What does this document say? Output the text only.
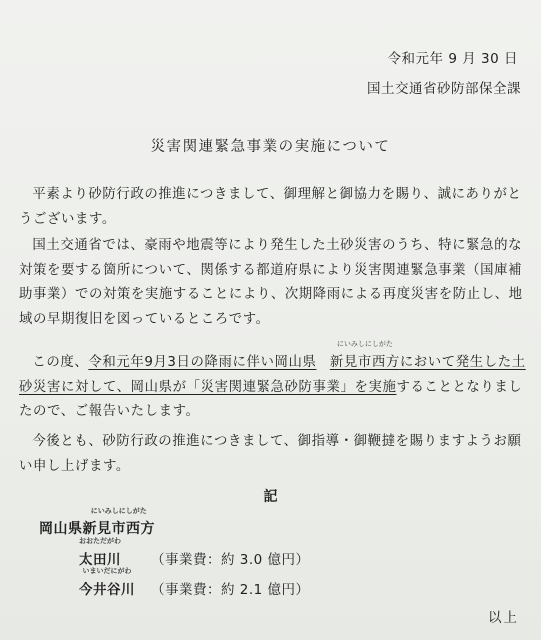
令和元年 9 月 30 日
国土交通省砂防部保全課
災害関連緊急事業の実施について

平素より砂防行政の推進につきまして、御理解と御協力を賜り、誠にありがとうございます。

国土交通省では、豪雨や地震等により発生した土砂災害のうち、特に緊急的な対策を要する箇所について、関係する都道府県により災害関連緊急事業（国庫補助事業）での対策を実施することにより、次期降雨による再度災害を防止し、地域の早期復旧を図っているところです。

この度、令和元年9月3日の降雨に伴い岡山県
にいみしにしがた
新見市西方において発生した土砂災害に対して、岡山県が「災害関連緊急砂防事業」を実施することとなりましたので、ご報告いたします。

今後とも、砂防行政の推進につきまして、御指導・御鞭撻を賜りますようお願い申し上げます。

記
岡山県
にいみしにしがた
新見市西方
おおただがわ
太田川 （事業費：約 3.0 億円）
いまいだにがわ
今井谷川 （事業費：約 2.1 億円）
以上
